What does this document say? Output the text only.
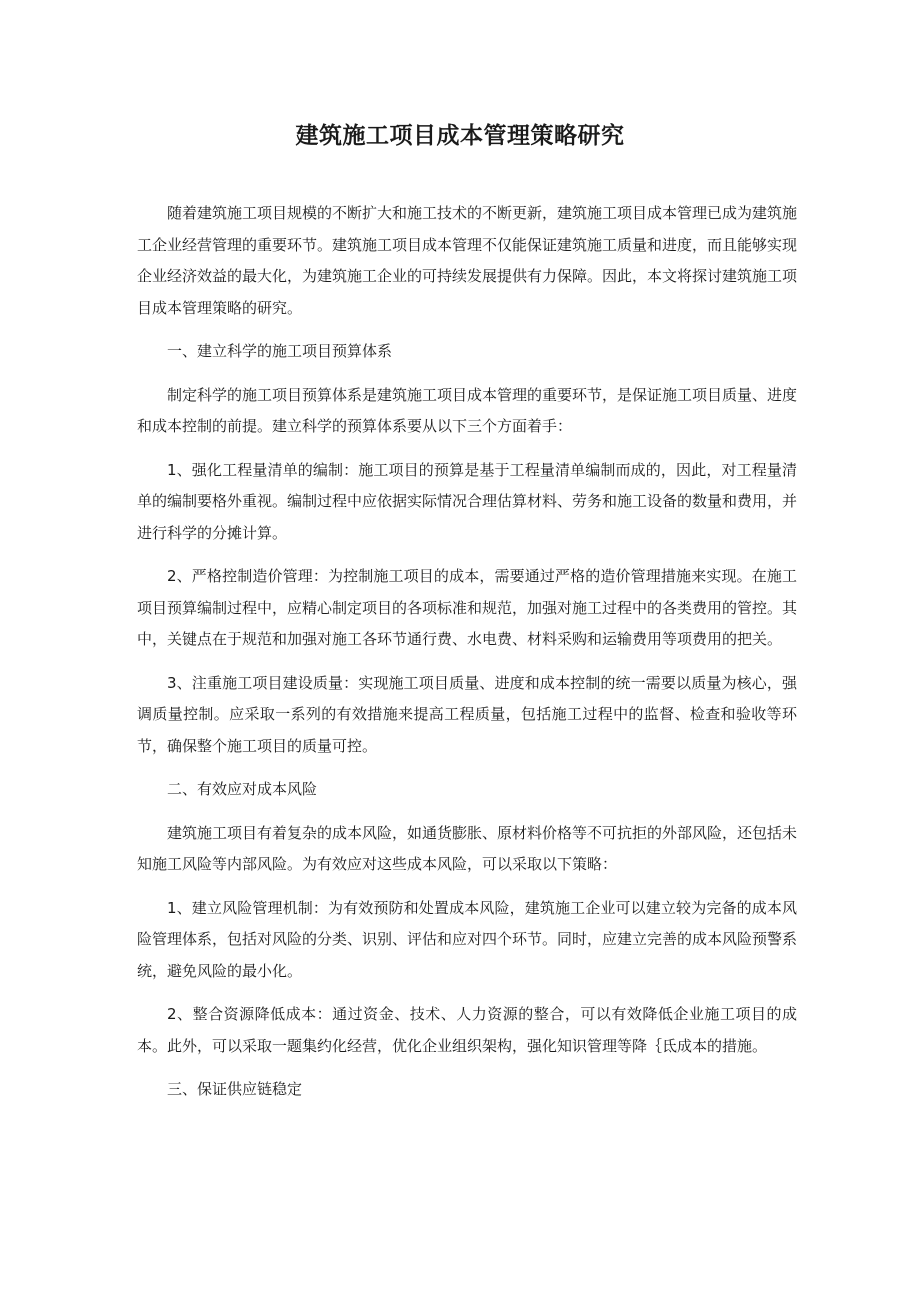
建筑施工项目成本管理策略研究

随着建筑施工项目规模的不断扩大和施工技术的不断更新，建筑施工项目成本管理已成为建筑施工企业经营管理的重要环节。建筑施工项目成本管理不仅能保证建筑施工质量和进度，而且能够实现企业经济效益的最大化，为建筑施工企业的可持续发展提供有力保障。因此，本文将探讨建筑施工项目成本管理策略的研究。

一、建立科学的施工项目预算体系

制定科学的施工项目预算体系是建筑施工项目成本管理的重要环节，是保证施工项目质量、进度和成本控制的前提。建立科学的预算体系要从以下三个方面着手：

1、强化工程量清单的编制：施工项目的预算是基于工程量清单编制而成的，因此，对工程量清单的编制要格外重视。编制过程中应依据实际情况合理估算材料、劳务和施工设备的数量和费用，并进行科学的分摊计算。

2、严格控制造价管理：为控制施工项目的成本，需要通过严格的造价管理措施来实现。在施工项目预算编制过程中，应精心制定项目的各项标准和规范，加强对施工过程中的各类费用的管控。其中，关键点在于规范和加强对施工各环节通行费、水电费、材料采购和运输费用等项费用的把关。

3、注重施工项目建设质量：实现施工项目质量、进度和成本控制的统一需要以质量为核心，强调质量控制。应采取一系列的有效措施来提高工程质量，包括施工过程中的监督、检查和验收等环节，确保整个施工项目的质量可控。

二、有效应对成本风险

建筑施工项目有着复杂的成本风险，如通货膨胀、原材料价格等不可抗拒的外部风险，还包括未知施工风险等内部风险。为有效应对这些成本风险，可以采取以下策略：

1、建立风险管理机制：为有效预防和处置成本风险，建筑施工企业可以建立较为完备的成本风险管理体系，包括对风险的分类、识别、评估和应对四个环节。同时，应建立完善的成本风险预警系统，避免风险的最小化。

2、整合资源降低成本：通过资金、技术、人力资源的整合，可以有效降低企业施工项目的成本。此外，可以采取一题集约化经营，优化企业组织架构，强化知识管理等降｛氐成本的措施。

三、保证供应链稳定
